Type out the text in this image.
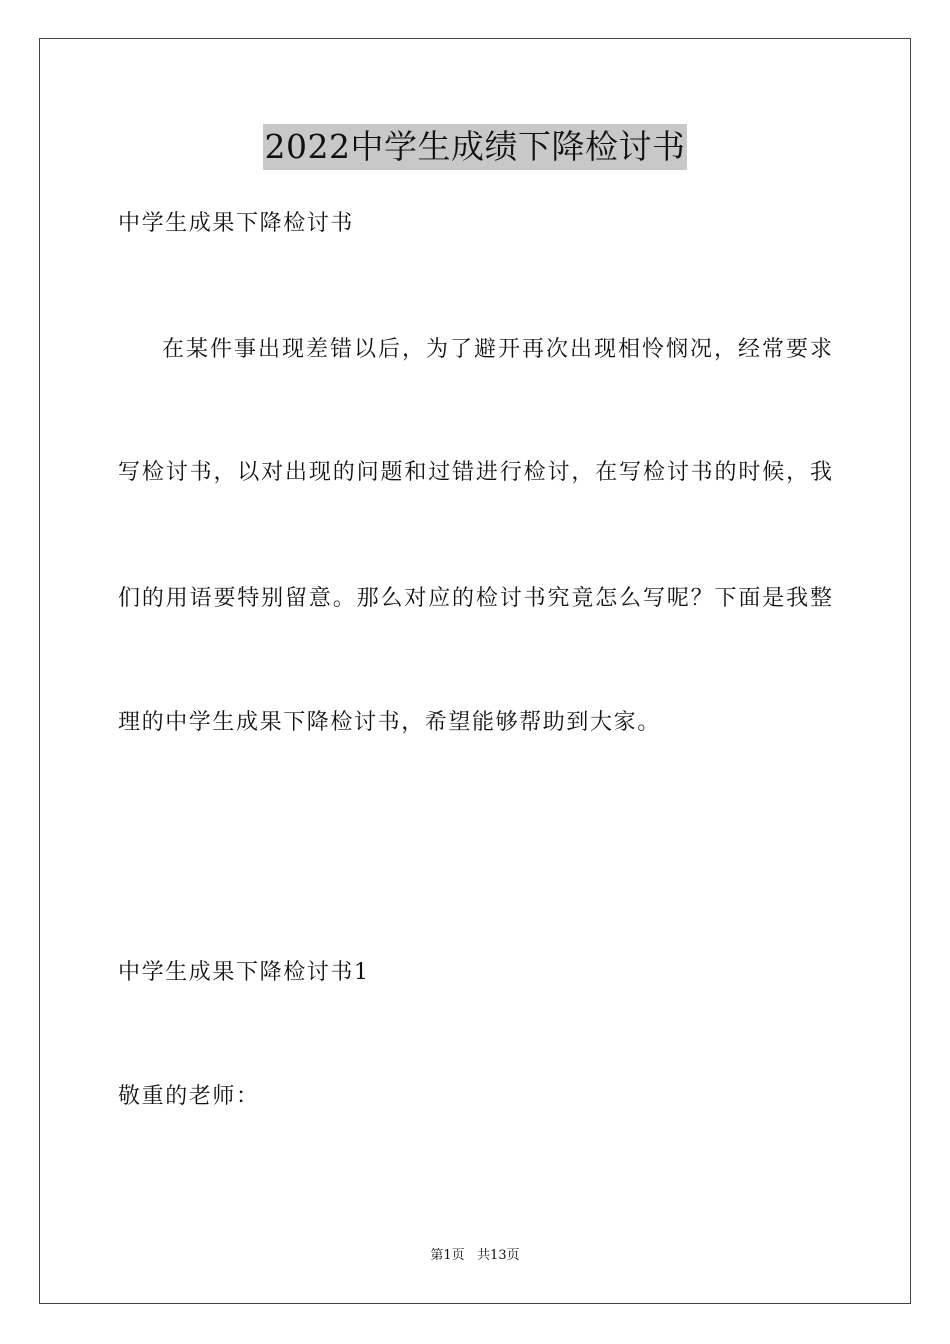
2022中学生成绩下降检讨书
中学生成果下降检讨书
在某件事出现差错以后，为了避开再次出现相怜悯况，经常要求
写检讨书，以对出现的问题和过错进行检讨，在写检讨书的时候，我
们的用语要特别留意。那么对应的检讨书究竟怎么写呢？下面是我整
理的中学生成果下降检讨书，希望能够帮助到大家。
中学生成果下降检讨书1
敬重的老师：
第1页   共13页
